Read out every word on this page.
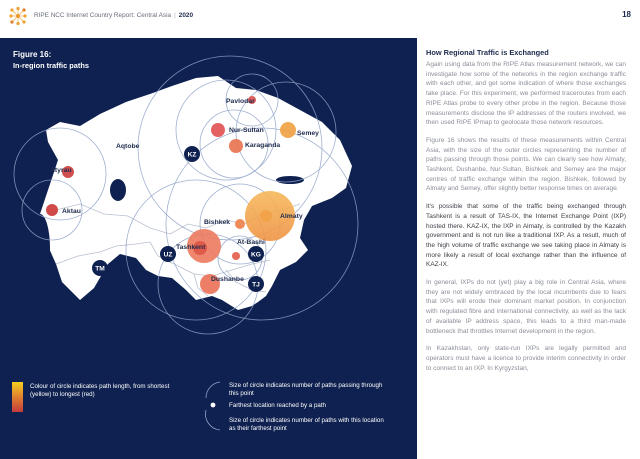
RIPE NCC Internet Country Report: Central Asia | 2020	18
KZ
UZ	KG
TJ
TM
Pavlodar
Nur-Sultan	Semey
Aqtobe	Karaganda
Atyrau
Aktau
Bishkek
Almaty
Tashkent
At-Bashi
Dushanbe
Figure 16:
In-region traffic paths
Colour of circle indicates path length, from shortest (yellow) to longest (red)
Size of circle indicates number of paths passing through this point
Farthest location reached by a path
Size of circle indicates number of paths with this location as their farthest point
How Regional Traffic is Exchanged

Again using data from the RIPE Atlas measurement network, we can investigate how some of the networks in the region exchange traffic with each other, and get some indication of where those exchanges take place. For this experiment, we performed traceroutes from each RIPE Atlas probe to every other probe in the region. Because those measurements disclose the IP addresses of the routers involved, we then used RIPE IPmap to geolocate those network resources.

Figure 16 shows the results of these measurements within Central Asia, with the size of the outer circles representing the number of paths passing through those points. We can clearly see how Almaty, Tashkent, Dushanbe, Nur-Sultan, Bishkek and Semey are the major centres of traffic exchange within the region. Bishkek, followed by Almaty and Semey, offer slightly better response times on average.

It's possible that some of the traffic being exchanged through Tashkent is a result of TAS-IX, the Internet Exchange Point (IXP) hosted there. KAZ-IX, the IXP in Almaty, is controlled by the Kazakh government and is not run like a traditional IXP. As a result, much of the high volume of traffic exchange we see taking place in Almaty is more likely a result of local exchange rather than the influence of KAZ-IX.

In general, IXPs do not (yet) play a big role in Central Asia, where they are not widely embraced by the local incumbents due to fears that IXPs will erode their dominant market position. In conjunction with regulated fibre and international connectivity, as well as the lack of available IP address space, this leads to a third man-made bottleneck that throttles Internet development in the region.

In Kazakhstan, only state-run IXPs are legally permitted and operators must have a licence to provide interim connectivity in order to connect to an IXP. In Kyrgyzstan,
